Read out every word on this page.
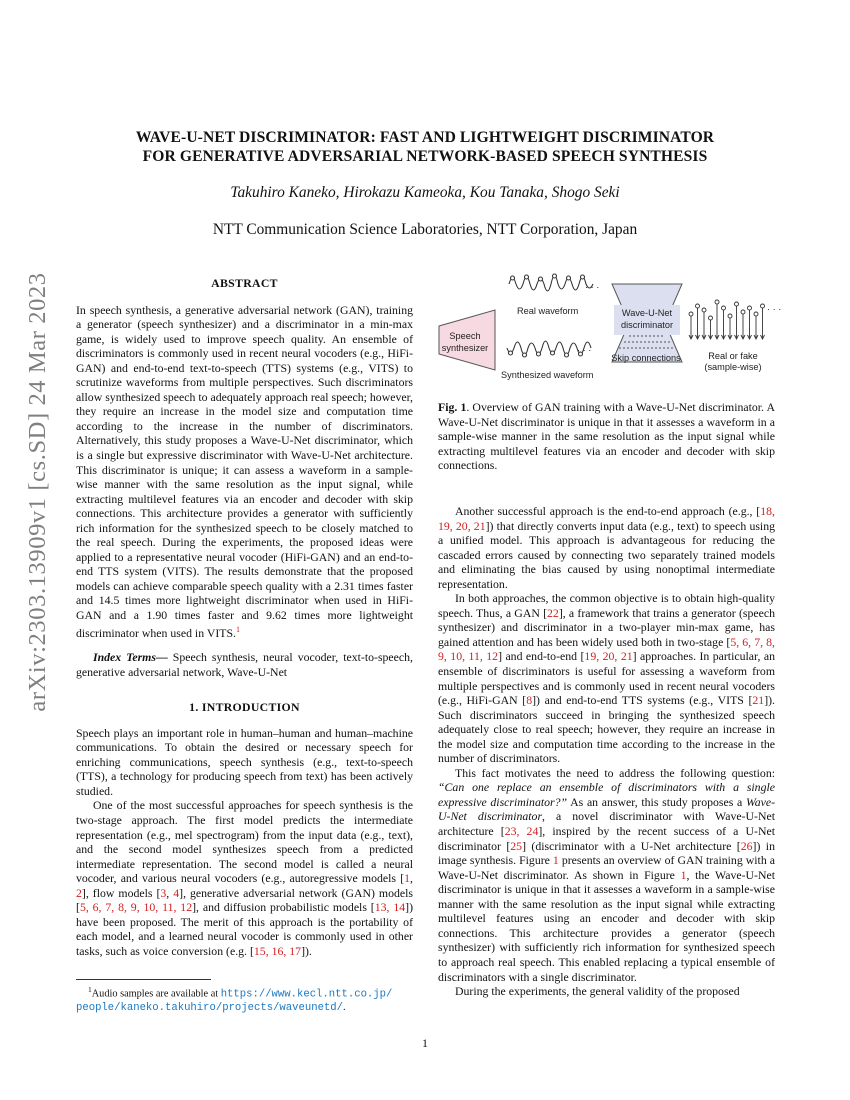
arXiv:2303.13909v1 [cs.SD] 24 Mar 2023
WAVE-U-NET DISCRIMINATOR: FAST AND LIGHTWEIGHT DISCRIMINATOR
FOR GENERATIVE ADVERSARIAL NETWORK-BASED SPEECH SYNTHESIS
Takuhiro Kaneko, Hirokazu Kameoka, Kou Tanaka, Shogo Seki
NTT Communication Science Laboratories, NTT Corporation, Japan
ABSTRACT

In speech synthesis, a generative adversarial network (GAN), training a generator (speech synthesizer) and a discriminator in a min-max game, is widely used to improve speech quality. An ensemble of discriminators is commonly used in recent neural vocoders (e.g., HiFi-GAN) and end-to-end text-to-speech (TTS) systems (e.g., VITS) to scrutinize waveforms from multiple perspectives. Such discriminators allow synthesized speech to adequately approach real speech; however, they require an increase in the model size and computation time according to the increase in the number of discriminators. Alternatively, this study proposes a Wave-U-Net discriminator, which is a single but expressive discriminator with Wave-U-Net architecture. This discriminator is unique; it can assess a waveform in a sample-wise manner with the same resolution as the input signal, while extracting multilevel features via an encoder and decoder with skip connections. This architecture provides a generator with sufficiently rich information for the synthesized speech to be closely matched to the real speech. During the experiments, the proposed ideas were applied to a representative neural vocoder (HiFi-GAN) and an end-to-end TTS system (VITS). The results demonstrate that the proposed models can achieve comparable speech quality with a 2.31 times faster and 14.5 times more lightweight discriminator when used in HiFi-GAN and a 1.90 times faster and 9.62 times more lightweight discriminator when used in VITS.$^1$

Index Terms— Speech synthesis, neural vocoder, text-to-speech, generative adversarial network, Wave-U-Net

1. INTRODUCTION

Speech plays an important role in human–human and human–machine communications. To obtain the desired or necessary speech for enriching communications, speech synthesis (e.g., text-to-speech (TTS), a technology for producing speech from text) has been actively studied.

One of the most successful approaches for speech synthesis is the two-stage approach. The first model predicts the intermediate representation (e.g., mel spectrogram) from the input data (e.g., text), and the second model synthesizes speech from a predicted intermediate representation. The second model is called a neural vocoder, and various neural vocoders (e.g., autoregressive models [1, 2], flow models [3, 4], generative adversarial network (GAN) models [5, 6, 7, 8, 9, 10, 11, 12], and diffusion probabilistic models [13, 14]) have been proposed. The merit of this approach is the portability of each model, and a learned neural vocoder is commonly used in other tasks, such as voice conversion (e.g. [15, 16, 17]).

$^1$Audio samples are available at https://www.kecl.ntt.co.jp/
people/kaneko.takuhiro/projects/waveunetd/.
Speech
synthesizer
Real waveform
Synthesized waveform
· · ·
· · ·
Wave-U-Net
discriminator
Skip connections	Real or fake
(sample-wise)
· · ·
Fig. 1. Overview of GAN training with a Wave-U-Net discriminator. A Wave-U-Net discriminator is unique in that it assesses a waveform in a sample-wise manner in the same resolution as the input signal while extracting multilevel features via an encoder and decoder with skip connections.

Another successful approach is the end-to-end approach (e.g., [18, 19, 20, 21]) that directly converts input data (e.g., text) to speech using a unified model. This approach is advantageous for reducing the cascaded errors caused by connecting two separately trained models and eliminating the bias caused by using nonoptimal intermediate representation.

In both approaches, the common objective is to obtain high-quality speech. Thus, a GAN [22], a framework that trains a generator (speech synthesizer) and discriminator in a two-player min-max game, has gained attention and has been widely used both in two-stage [5, 6, 7, 8, 9, 10, 11, 12] and end-to-end [19, 20, 21] approaches. In particular, an ensemble of discriminators is useful for assessing a waveform from multiple perspectives and is commonly used in recent neural vocoders (e.g., HiFi-GAN [8]) and end-to-end TTS systems (e.g., VITS [21]). Such discriminators succeed in bringing the synthesized speech adequately close to real speech; however, they require an increase in the model size and computation time according to the increase in the number of discriminators.

This fact motivates the need to address the following question: “Can one replace an ensemble of discriminators with a single expressive discriminator?” As an answer, this study proposes a Wave-U-Net discriminator, a novel discriminator with Wave-U-Net architecture [23, 24], inspired by the recent success of a U-Net discriminator [25] (discriminator with a U-Net architecture [26]) in image synthesis. Figure 1 presents an overview of GAN training with a Wave-U-Net discriminator. As shown in Figure 1, the Wave-U-Net discriminator is unique in that it assesses a waveform in a sample-wise manner with the same resolution as the input signal while extracting multilevel features using an encoder and decoder with skip connections. This architecture provides a generator (speech synthesizer) with sufficiently rich information for synthesized speech to approach real speech. This enabled replacing a typical ensemble of discriminators with a single discriminator.

During the experiments, the general validity of the proposed

1
